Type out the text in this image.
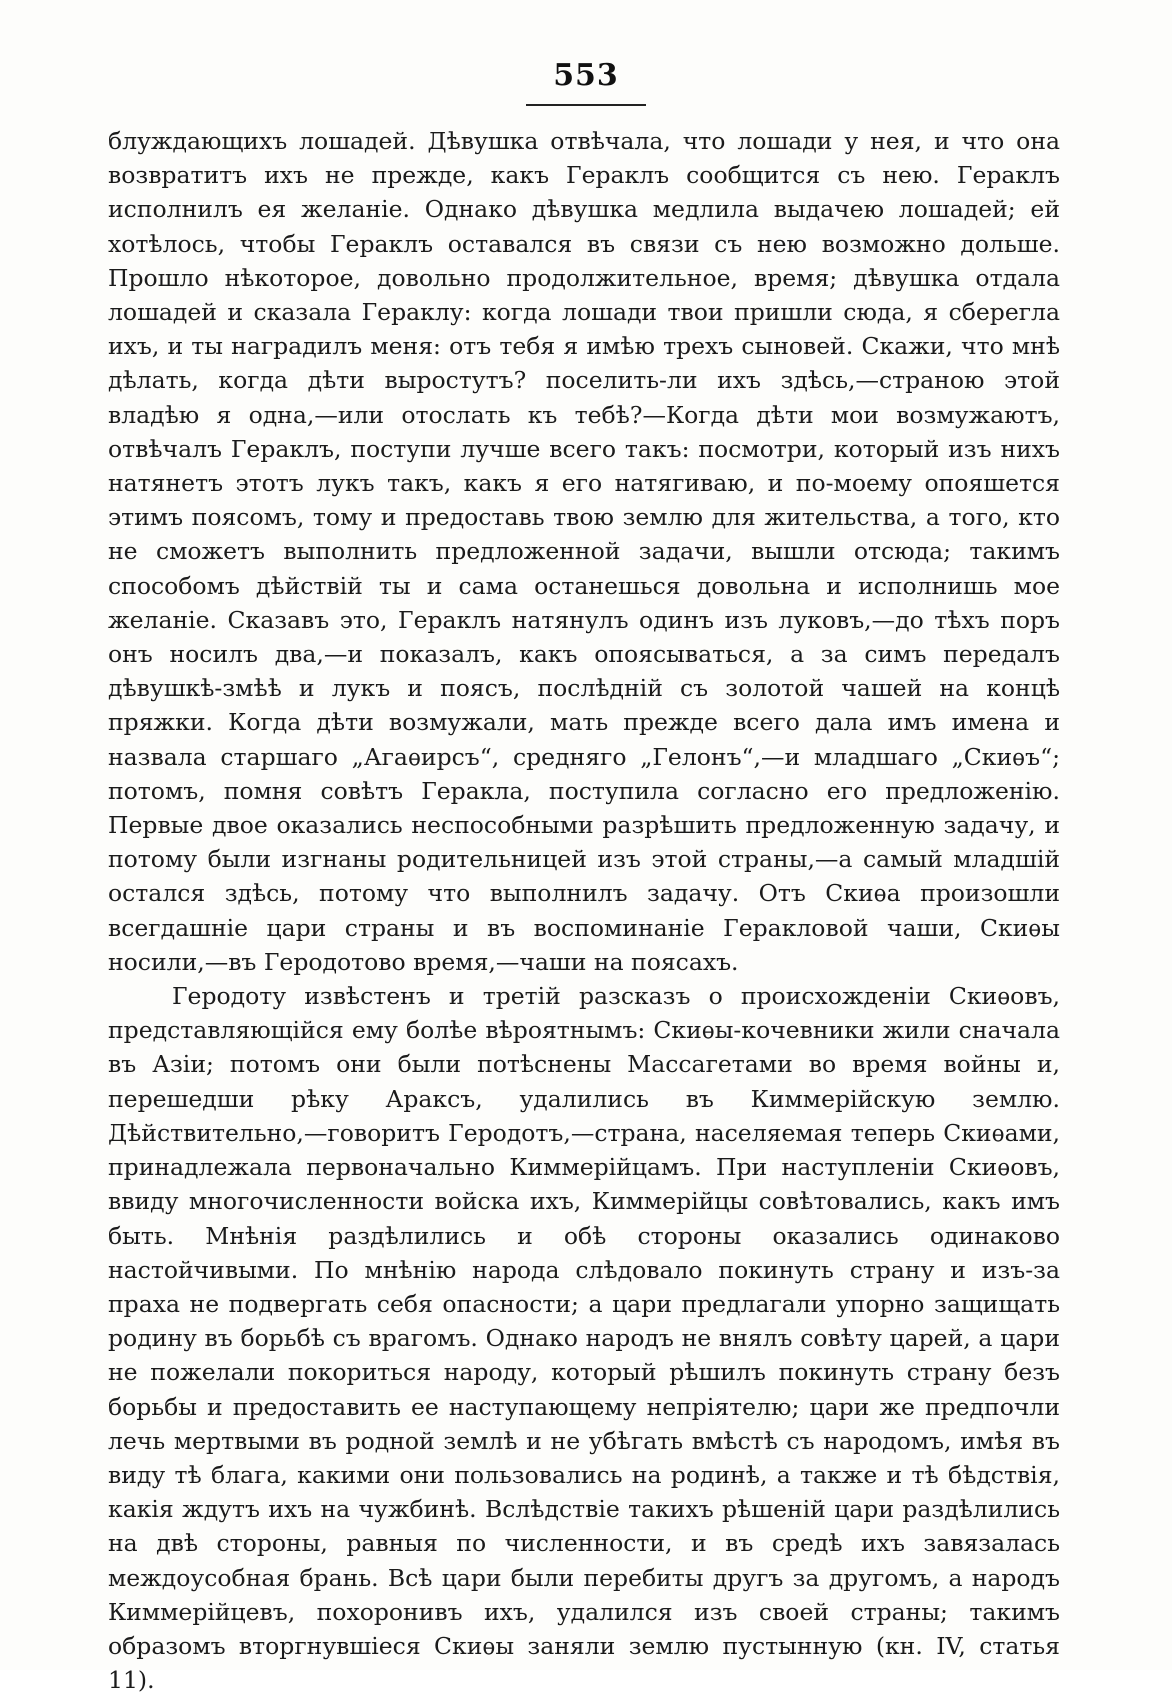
553

блуждающихъ лошадей. Дѣвушка отвѣчала, что лошади у нея, и что она возвратитъ ихъ не прежде, какъ Гераклъ сообщится съ нею. Гераклъ исполнилъ ея желаніе. Однако дѣвушка медлила выдачею лошадей; ей хотѣлось, чтобы Гераклъ оставался въ связи съ нею возможно дольше. Прошло нѣкоторое, довольно продолжительное, время; дѣвушка отдала лошадей и сказала Гераклу: когда лошади твои пришли сюда, я сберегла ихъ, и ты наградилъ меня: отъ тебя я имѣю трехъ сыновей. Скажи, что мнѣ дѣлать, когда дѣти выростутъ? поселить-ли ихъ здѣсь,—страною этой владѣю я одна,—или отослать къ тебѣ?—Когда дѣти мои возмужаютъ, отвѣчалъ Гераклъ, поступи лучше всего такъ: посмотри, который изъ нихъ натянетъ этотъ лукъ такъ, какъ я его натягиваю, и по-моему опояшется этимъ поясомъ, тому и предоставь твою землю для жительства, а того, кто не сможетъ выполнить предложенной задачи, вышли отсюда; такимъ способомъ дѣйствій ты и сама останешься довольна и исполнишь мое желаніе. Сказавъ это, Гераклъ натянулъ одинъ изъ луковъ,—до тѣхъ поръ онъ носилъ два,—и показалъ, какъ опоясываться, а за симъ передалъ дѣвушкѣ-змѣѣ и лукъ и поясъ, послѣдній съ золотой чашей на концѣ пряжки. Когда дѣти возмужали, мать прежде всего дала имъ имена и назвала старшаго „Агаѳирсъ“, средняго „Гелонъ“,—и младшаго „Скиѳъ“; потомъ, помня совѣтъ Геракла, поступила согласно его предложенію. Первые двое оказались неспособными разрѣшить предложенную задачу, и потому были изгнаны родительницей изъ этой страны,—а самый младшій остался здѣсь, потому что выполнилъ задачу. Отъ Скиѳа произошли всегдашніе цари страны и въ воспоминаніе Геракловой чаши, Скиѳы носили,—въ Геродотово время,—чаши на поясахъ.

Геродоту извѣстенъ и третій разсказъ о происхожденіи Скиѳовъ, представляющійся ему болѣе вѣроятнымъ: Скиѳы-кочевники жили сначала въ Азіи; потомъ они были потѣснены Массагетами во время войны и, перешедши рѣку Араксъ, удалились въ Киммерійскую землю. Дѣйствительно,—говоритъ Геродотъ,—страна, населяемая теперь Скиѳами, принадлежала первоначально Киммерійцамъ. При наступленіи Скиѳовъ, ввиду многочисленности войска ихъ, Киммерійцы совѣтовались, какъ имъ быть. Мнѣнія раздѣлились и обѣ стороны оказались одинаково настойчивыми. По мнѣнію народа слѣдовало покинуть страну и изъ-за праха не подвергать себя опасности; а цари предлагали упорно защищать родину въ борьбѣ съ врагомъ. Однако народъ не внялъ совѣту царей, а цари не пожелали покориться народу, который рѣшилъ покинуть страну безъ борьбы и предоставить ее наступающему непріятелю; цари же предпочли лечь мертвыми въ родной землѣ и не убѣгать вмѣстѣ съ народомъ, имѣя въ виду тѣ блага, какими они пользовались на родинѣ, а также и тѣ бѣдствія, какія ждутъ ихъ на чужбинѣ. Вслѣдствіе такихъ рѣшеній цари раздѣлились на двѣ стороны, равныя по численности, и въ средѣ ихъ завязалась междоусобная брань. Всѣ цари были перебиты другъ за другомъ, а народъ Киммерійцевъ, похоронивъ ихъ, удалился изъ своей страны; такимъ образомъ вторгнувшіеся Скиѳы заняли землю пустынную (кн. IV, статья 11).
